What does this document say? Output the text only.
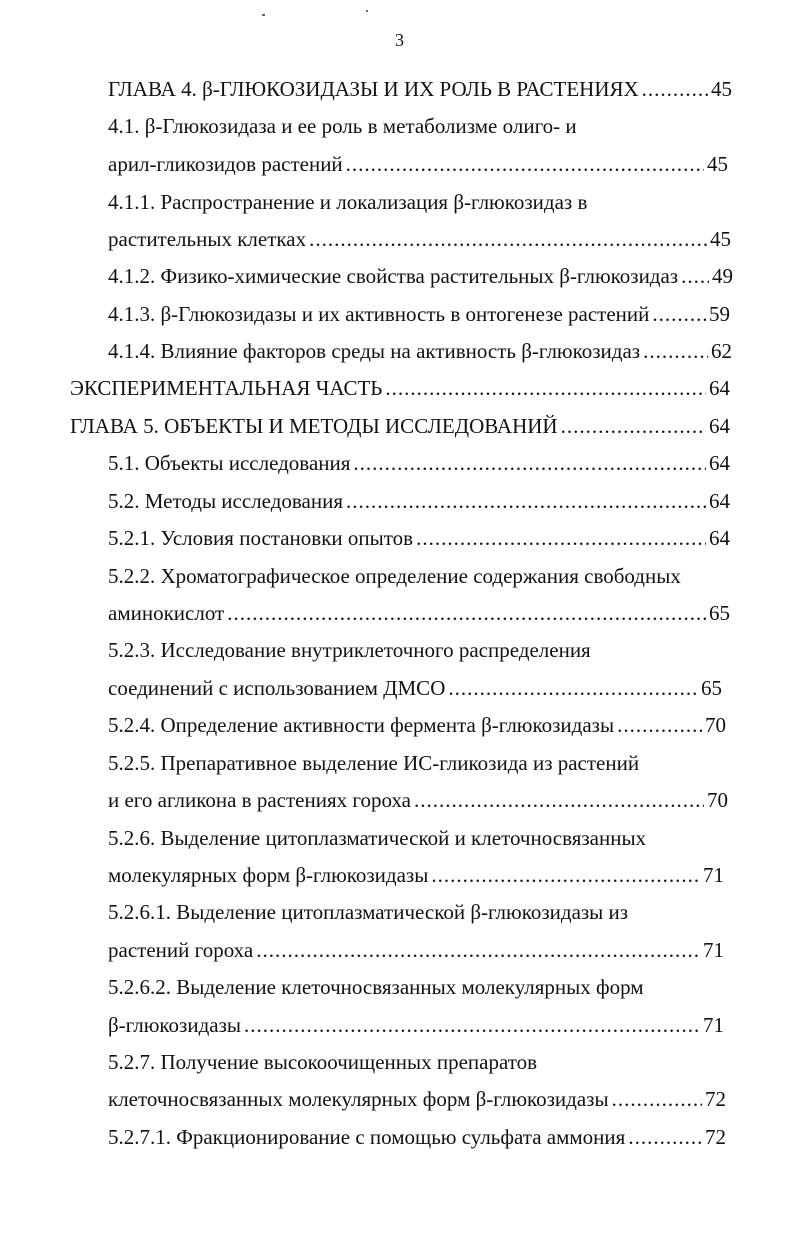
3
ГЛАВА 4. β-ГЛЮКОЗИДАЗЫ И ИХ РОЛЬ В РАСТЕНИЯХ .....	45
4.1. β-Глюкозидаза и ее роль в метаболизме олиго- и
арил-гликозидов растений .....	45
4.1.1. Распространение и локализация β-глюкозидаз в
растительных клетках .....	45
4.1.2. Физико-химические свойства растительных β-глюкозидаз ..... 49
4.1.3. β-Глюкозидазы и их активность в онтогенезе растений .....	59
4.1.4. Влияние факторов среды на активность β-глюкозидаз .....	62
ЭКСПЕРИМЕНТАЛЬНАЯ ЧАСТЬ .....	64
ГЛАВА 5. ОБЪЕКТЫ И МЕТОДЫ ИССЛЕДОВАНИЙ .....	64
5.1. Объекты исследования .....	64
5.2. Методы исследования .....	64
5.2.1. Условия постановки опытов .....	64
5.2.2. Хроматографическое определение содержания свободных
аминокислот .....	65
5.2.3. Исследование внутриклеточного распределения
соединений с использованием ДМСО .....	65
5.2.4. Определение активности фермента β-глюкозидазы .....	70
5.2.5. Препаративное выделение ИС-гликозида из растений
и его агликона в растениях гороха .....	70
5.2.6. Выделение цитоплазматической и клеточносвязанных
молекулярных форм β-глюкозидазы .....	71
5.2.6.1. Выделение цитоплазматической β-глюкозидазы из
растений гороха .....	71
5.2.6.2. Выделение клеточносвязанных молекулярных форм
β-глюкозидазы .....	71
5.2.7. Получение высокоочищенных препаратов
клеточносвязанных молекулярных форм β-глюкозидазы .....	72
5.2.7.1. Фракционирование с помощью сульфата аммония .....	72
